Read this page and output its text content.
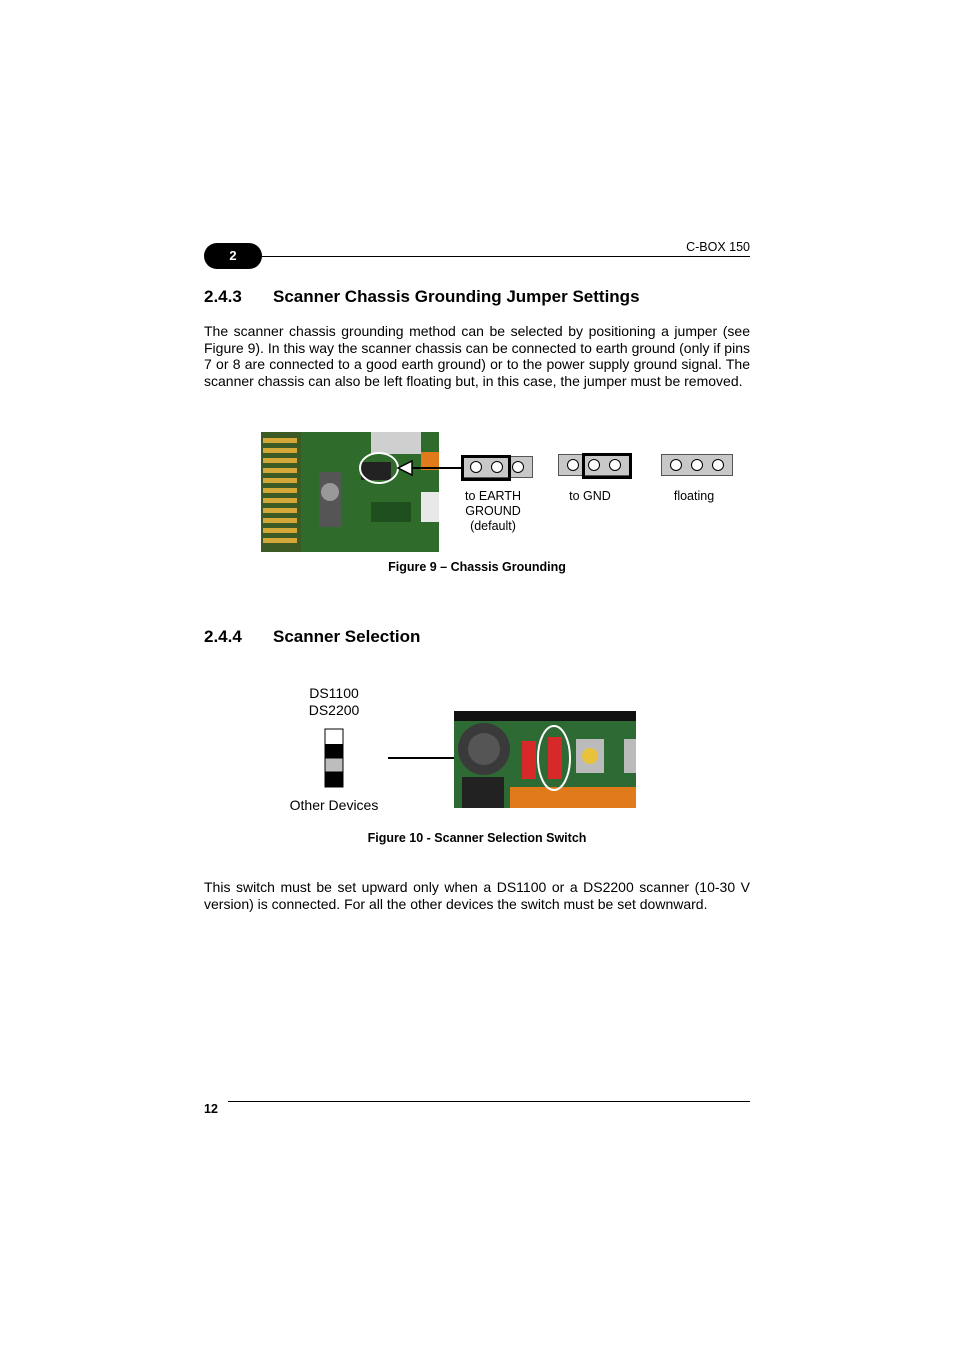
2
C-BOX 150
2.4.3 Scanner Chassis Grounding Jumper Settings

The scanner chassis grounding method can be selected by positioning a jumper (see Figure 9). In this way the scanner chassis can be connected to earth ground (only if pins 7 or 8 are connected to a good earth ground) or to the power supply ground signal. The scanner chassis can also be left floating but, in this case, the jumper must be removed.

to EARTH
GROUND
(default)
to GND	floating
Figure 9 – Chassis Grounding
2.4.4 Scanner Selection
DS1100
DS2200
Other Devices
Figure 10 - Scanner Selection Switch

This switch must be set upward only when a DS1100 or a DS2200 scanner (10-30 V version) is connected. For all the other devices the switch must be set downward.

12
